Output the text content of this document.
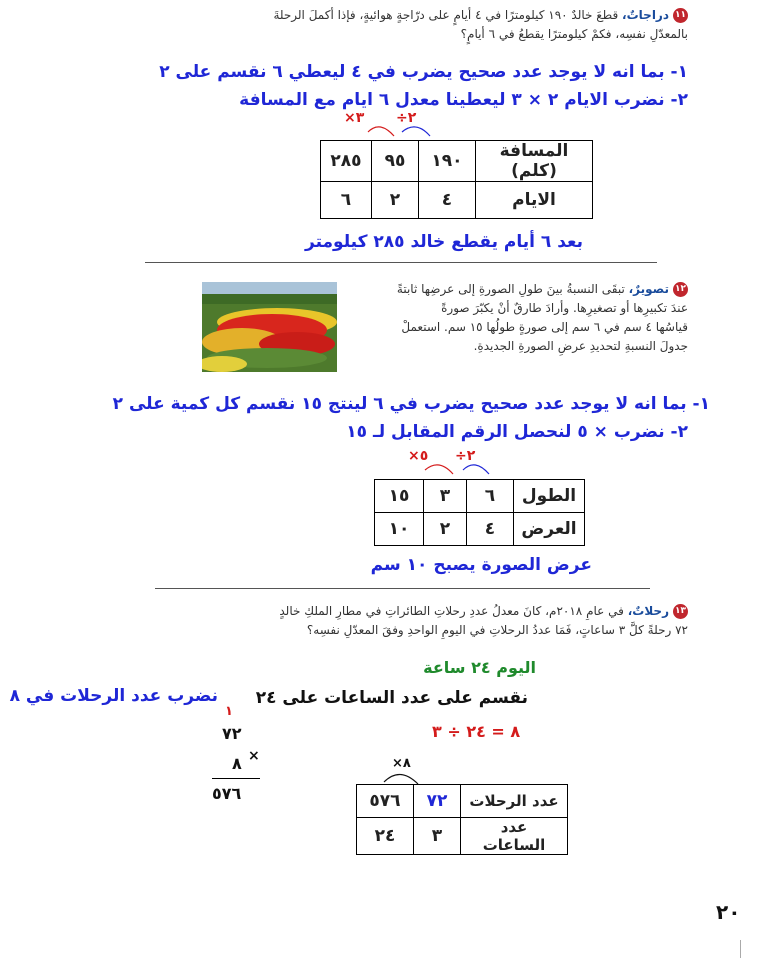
١١دراجاتٌ، قطعَ خالدٌ ١٩٠ كيلومترًا في ٤ أيامٍ على درّاجةٍ هوائيةٍ، فإذا أكملَ الرحلةَ
بالمعدّلِ نفسِه، فكمْ كيلومترًا يقطعُ في ٦ أيامٍ؟
١- بما انه لا يوجد عدد صحيح يضرب في ٤ ليعطي ٦ نقسم على ٢
٢- نضرب الايام ٢ × ٣ ليعطينا معدل ٦ ايام مع المسافة
÷٢
×٣
المسافة (كلم)	١٩٠	٩٥	٢٨٥
الايام	٤	٢	٦
بعد ٦ أيام يقطع خالد ٢٨٥ كيلومتر
١٢تصويرٌ، تبقَى النسبةُ بينَ طولِ الصورةِ إلى عرضِها ثابتةً
عندَ تكبيرِها أو تصغيرِها. وأرادَ طارقٌ أنْ يكبّرَ صورةً
قياسُها ٤ سم في ٦ سم إلى صورةٍ طولُها ١٥ سم. استعملْ
جدولَ النسبةِ لتحديدِ عرضِ الصورةِ الجديدةِ.
١- بما انه لا يوجد عدد صحيح يضرب في ٦ لينتج ١٥ نقسم كل كمية على ٢
٢- نضرب × ٥ لنحصل الرقم المقابل لـ ١٥
÷٢
×٥
الطول	٦	٣	١٥
العرض	٤	٢	١٠
عرض الصورة يصبح ١٠ سم
١٣رحلاتٌ، في عامِ ٢٠١٨م، كانَ معدلُ عددِ رحلاتِ الطائراتِ في مطارِ الملكِ خالدٍ
٧٢ رحلةً كلَّ ٣ ساعاتٍ، فَمَا عددُ الرحلاتِ في اليومِ الواحدِ وفقَ المعدّلِ نفسِه؟
اليوم ٢٤ ساعة
نقسم على عدد الساعات على ٢٤
نضرب عدد الرحلات في ٨
٨ = ٢٤ ÷ ٣
١
٧٢
٨ ×
٥٧٦
×٨
عدد الرحلات	٧٢	٥٧٦
عدد الساعات	٣	٢٤
٢٠
